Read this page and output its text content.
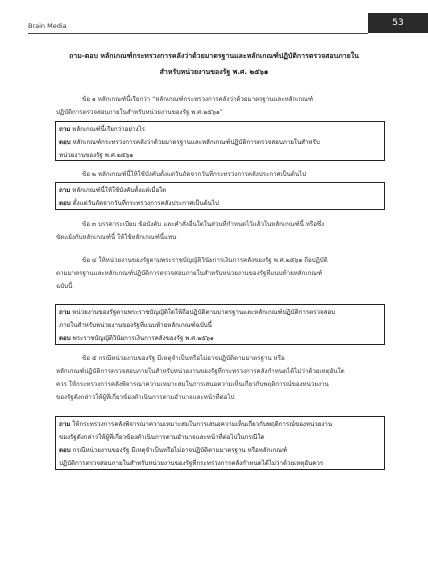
Brain Media	53
ถาม-ตอบ หลักเกณฑ์กระทรวงการคลังว่าด้วยมาตรฐานและหลักเกณฑ์ปฏิบัติการตรวจสอบภายใน
สำหรับหน่วยงานของรัฐ พ.ศ. ๒๕๖๑
ข้อ ๑ หลักเกณฑ์นี้เรียกว่า “หลักเกณฑ์กระทรวงการคลังว่าด้วยมาตรฐานและหลักเกณฑ์
ปฏิบัติการตรวจสอบภายในสำหรับหน่วยงานของรัฐ พ.ศ.๒๕๖๑”
ถาม หลักเกณฑ์นี้เรียกว่าอย่างไร
ตอบ หลักเกณฑ์กระทรวงการคลังว่าด้วยมาตรฐานและหลักเกณฑ์ปฏิบัติการตรวจสอบภายในสำหรับ
หน่วยงานของรัฐ พ.ศ.๒๕๖๑
ข้อ ๒ หลักเกณฑ์นี้ให้ใช้บังคับตั้งแต่วันถัดจากวันที่กระทรวงการคลังประกาศเป็นต้นไป
ถาม หลักเกณฑ์นี้ให้ใช้บังคับตั้งแต่เมื่อใด
ตอบ ตั้งแต่วันถัดจากวันที่กระทรวงการคลังประกาศเป็นต้นไป
ข้อ ๓ บรรดาระเบียบ ข้อบังคับ และคำสั่งอื่นใดในส่วนที่กำหนดไว้แล้วในหลักเกณฑ์นี้ หรือซึ่ง
ขัดแย้งกับหลักเกณฑ์นี้ ให้ใช้หลักเกณฑ์นี้แทน
ข้อ ๔ ให้หน่วยงานของรัฐตามพระราชบัญญัติวินัยการเงินการคลังของรัฐ พ.ศ.๒๕๖๑ ถือปฏิบัติ
ตามมาตรฐานและหลักเกณฑ์ปฏิบัติการตรวจสอบภายในสำหรับหน่วยงานของรัฐที่แนบท้ายหลักเกณฑ์
ฉบับนี้
ถาม หน่วยงานของรัฐตามพระราชบัญญัติใดให้ถือปฏิบัติตามมาตรฐานและหลักเกณฑ์ปฏิบัติการตรวจสอบ
ภายในสำหรับหน่วยงานของรัฐที่แนบท้ายหลักเกณฑ์ฉบับนี้
ตอบ พระราชบัญญัติวินัยการเงินการคลังของรัฐ พ.ศ.๒๕๖๑
ข้อ ๕ กรณีหน่วยงานของรัฐ มีเหตุจำเป็นหรือไม่อาจปฏิบัติตามมาตรฐาน หรือ
หลักเกณฑ์ปฏิบัติการตรวจสอบภายในสำหรับหน่วยงานของรัฐที่กระทรวงการคลังกำหนดได้ไม่ว่าด้วยเหตุอันใด
ควร ให้กระทรวงการคลังพิจารณาความเหมาะสมในการเสนอความเห็นเกี่ยวกับพฤติการณ์ของหน่วยงาน
ของรัฐดังกล่าวให้ผู้ที่เกี่ยวข้องดำเนินการตามอำนาจและหน้าที่ต่อไป
ถาม ให้กระทรวงการคลังพิจารณาความเหมาะสมในการเสนอความเห็นเกี่ยวกับพฤติการณ์ของหน่วยงาน
ของรัฐดังกล่าวให้ผู้ที่เกี่ยวข้องดำเนินการตามอำนาจและหน้าที่ต่อไปในกรณีใด
ตอบ กรณีหน่วยงานของรัฐ มีเหตุจำเป็นหรือไม่อาจปฏิบัติตามมาตรฐาน หรือหลักเกณฑ์
ปฏิบัติการตรวจสอบภายในสำหรับหน่วยงานของรัฐที่กระทรวงการคลังกำหนดได้ไม่ว่าด้วยเหตุอันควร
